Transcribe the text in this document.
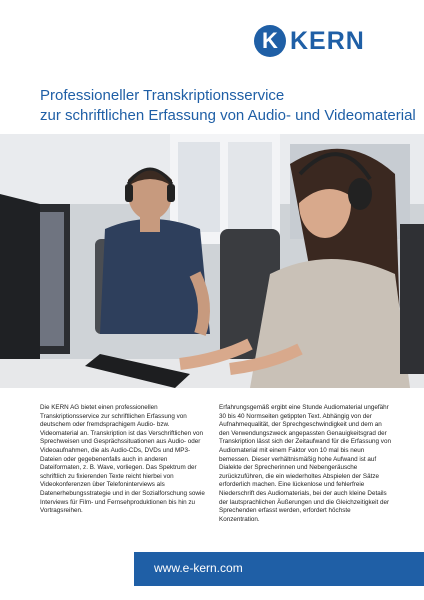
K KERN
Professioneller Transkriptionsservice
zur schriftlichen Erfassung von Audio- und Videomaterial
Die KERN AG bietet einen professionellen Transkriptionsservice zur schriftlichen Erfassung von deutschem oder fremdsprachigem Audio- bzw. Videomaterial an. Transkription ist das Verschriftlichen von Sprechweisen und Gesprächssituationen aus Audio- oder Videoaufnahmen, die als Audio-CDs, DVDs und MP3-Dateien oder gegebenenfalls auch in anderen Dateiformaten, z. B. Wave, vorliegen. Das Spektrum der schriftlich zu fixierenden Texte reicht hierbei von Videokonferenzen über Telefoninterviews als Datenerhebungsstrategie und in der Sozialforschung sowie Interviews für Film- und Fernsehproduktionen bis hin zu Vortragsreihen.
Erfahrungsgemäß ergibt eine Stunde Audiomaterial ungefähr 30 bis 40 Normseiten getippten Text. Abhängig von der Aufnahmequalität, der Sprechgeschwindigkeit und dem an den Verwendungszweck angepassten Genauigkeitsgrad der Transkription lässt sich der Zeitaufwand für die Erfassung von Audiomaterial mit einem Faktor von 10 mal bis neun bemessen. Dieser verhältnismäßig hohe Aufwand ist auf Dialekte der Sprecherinnen und Nebengeräusche zurückzuführen, die ein wiederholtes Abspielen der Sätze erforderlich machen. Eine lückenlose und fehlerfreie Niederschrift des Audiomaterials, bei der auch kleine Details der lautsprachlichen Äußerungen und die Gleichzeitigkeit der Sprechenden erfasst werden, erfordert höchste Konzentration.
www.e-kern.com
